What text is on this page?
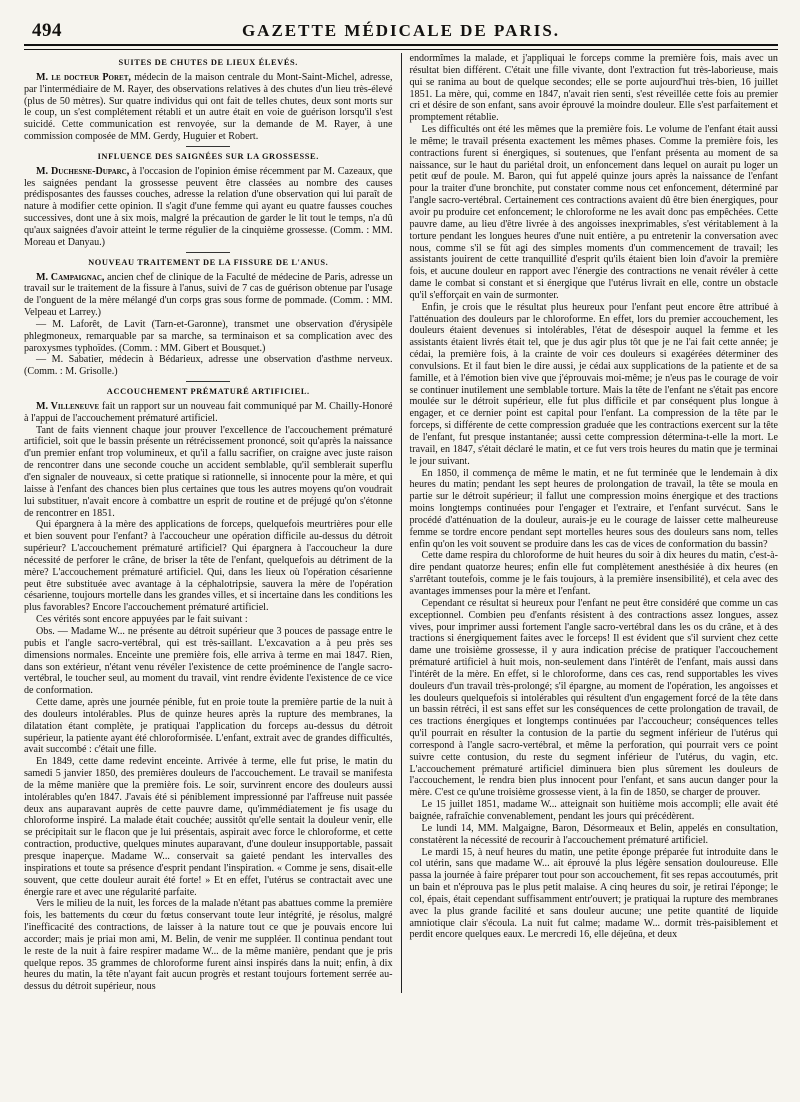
494	GAZETTE MÉDICALE DE PARIS.
SUITES DE CHUTES DE LIEUX ÉLEVÉS.

M. le docteur Poret, médecin de la maison centrale du Mont-Saint-Michel, adresse, par l'intermédiaire de M. Rayer, des observations relatives à des chutes d'un lieu très-élevé (plus de 50 mètres). Sur quatre individus qui ont fait de telles chutes, deux sont morts sur le coup, un s'est complétement rétabli et un autre était en voie de guérison lorsqu'il s'est suicidé. Cette communication est renvoyée, sur la demande de M. Rayer, à une commission composée de MM. Gerdy, Huguier et Robert.

INFLUENCE DES SAIGNÉES SUR LA GROSSESSE.

M. Duchesne-Duparc, à l'occasion de l'opinion émise récemment par M. Cazeaux, que les saignées pendant la grossesse peuvent être classées au nombre des causes prédisposantes des fausses couches, adresse la relation d'une observation qui lui paraît de nature à modifier cette opinion. Il s'agit d'une femme qui ayant eu quatre fausses couches successives, dont une à six mois, malgré la précaution de garder le lit tout le temps, n'a dû qu'aux saignées d'avoir atteint le terme régulier de la cinquième grossesse. (Comm. : MM. Moreau et Danyau.)

NOUVEAU TRAITEMENT DE LA FISSURE DE L'ANUS.

M. Campaignac, ancien chef de clinique de la Faculté de médecine de Paris, adresse un travail sur le traitement de la fissure à l'anus, suivi de 7 cas de guérison obtenue par l'usage de l'onguent de la mère mélangé d'un corps gras sous forme de pommade. (Comm. : MM. Velpeau et Larrey.)

— M. Laforêt, de Lavit (Tarn-et-Garonne), transmet une observation d'érysipèle phlegmoneux, remarquable par sa marche, sa terminaison et sa complication avec des paroxysmes typhoïdes. (Comm. : MM. Gibert et Bousquet.)

— M. Sabatier, médecin à Bédarieux, adresse une observation d'asthme nerveux. (Comm. : M. Grisolle.)

ACCOUCHEMENT PRÉMATURÉ ARTIFICIEL.

M. Villeneuve fait un rapport sur un nouveau fait communiqué par M. Chailly-Honoré à l'appui de l'accouchement prématuré artificiel.

Tant de faits viennent chaque jour prouver l'excellence de l'accouchement prématuré artificiel, soit que le bassin présente un rétrécissement prononcé, soit qu'après la naissance d'un premier enfant trop volumineux, et qu'il a fallu sacrifier, on craigne avec juste raison de rencontrer dans une seconde couche un accident semblable, qu'il semblerait superflu d'en signaler de nouveaux, si cette pratique si rationnelle, si innocente pour la mère, et qui laisse à l'enfant des chances bien plus certaines que tous les autres moyens qu'on voudrait lui substituer, n'avait encore à combattre un esprit de routine et de préjugé qu'on s'étonne de rencontrer en 1851.

Qui épargnera à la mère des applications de forceps, quelquefois meurtrières pour elle et bien souvent pour l'enfant? à l'accoucheur une opération difficile au-dessus du détroit supérieur? L'accouchement prématuré artificiel? Qui épargnera à l'accoucheur la dure nécessité de perforer le crâne, de briser la tête de l'enfant, quelquefois au détriment de la mère? L'accouchement prématuré artificiel. Qui, dans les lieux où l'opération césarienne peut être substituée avec avantage à la céphalotripsie, sauvera la mère de l'opération césarienne, toujours mortelle dans les grandes villes, et si incertaine dans les conditions les plus favorables? Encore l'accouchement prématuré artificiel.

Ces vérités sont encore appuyées par le fait suivant :

Obs. — Madame W... ne présente au détroit supérieur que 3 pouces de passage entre le pubis et l'angle sacro-vertébral, qui est très-saillant. L'excavation a à peu près ses dimensions normales. Enceinte une première fois, elle arriva à terme en mai 1847. Rien, dans son extérieur, n'étant venu révéler l'existence de cette proéminence de l'angle sacro-vertébral, le toucher seul, au moment du travail, vint rendre évidente l'existence de ce vice de conformation.

Cette dame, après une journée pénible, fut en proie toute la première partie de la nuit à des douleurs intolérables. Plus de quinze heures après la rupture des membranes, la dilatation étant complète, je pratiquai l'application du forceps au-dessus du détroit supérieur, la patiente ayant été chloroformisée. L'enfant, extrait avec de grandes difficultés, avait succombé : c'était une fille.

En 1849, cette dame redevint enceinte. Arrivée à terme, elle fut prise, le matin du samedi 5 janvier 1850, des premières douleurs de l'accouchement. Le travail se manifesta de la même manière que la première fois. Le soir, survinrent encore des douleurs aussi intolérables qu'en 1847. J'avais été si péniblement impressionné par l'affreuse nuit passée deux ans auparavant auprès de cette pauvre dame, qu'immédiatement je fis usage du chloroforme inspiré. La malade était couchée; aussitôt qu'elle sentait la douleur venir, elle se précipitait sur le flacon que je lui présentais, aspirait avec force le chloroforme, et cette contraction, productive, quelques minutes auparavant, d'une douleur insupportable, passait presque inaperçue. Madame W... conservait sa gaieté pendant les intervalles des inspirations et toute sa présence d'esprit pendant l'inspiration. « Comme je sens, disait-elle souvent, que cette douleur aurait été forte! » Et en effet, l'utérus se contractait avec une énergie rare et avec une régularité parfaite.

Vers le milieu de la nuit, les forces de la malade n'étant pas abattues comme la première fois, les battements du cœur du fœtus conservant toute leur intégrité, je résolus, malgré l'inefficacité des contractions, de laisser à la nature tout ce que je pouvais encore lui accorder; mais je priai mon ami, M. Belin, de venir me suppléer. Il continua pendant tout le reste de la nuit à faire respirer madame W... de la même manière, pendant que je pris quelque repos. 35 grammes de chloroforme furent ainsi inspirés dans la nuit; enfin, à dix heures du matin, la tête n'ayant fait aucun progrès et restant toujours fortement serrée au-dessus du détroit supérieur, nous

endormîmes la malade, et j'appliquai le forceps comme la première fois, mais avec un résultat bien différent. C'était une fille vivante, dont l'extraction fut très-laborieuse, mais qui se ranima au bout de quelque secondes; elle se porte aujourd'hui très-bien, 16 juillet 1851. La mère, qui, comme en 1847, n'avait rien senti, s'est réveillée cette fois au premier cri et désire de son enfant, sans avoir éprouvé la moindre douleur. Elle s'est parfaitement et promptement rétablie.

Les difficultés ont été les mêmes que la première fois. Le volume de l'enfant était aussi le même; le travail présenta exactement les mêmes phases. Comme la première fois, les contractions furent si énergiques, si soutenues, que l'enfant présenta au moment de sa naissance, sur le haut du pariétal droit, un enfoncement dans lequel on aurait pu loger un petit œuf de poule. M. Baron, qui fut appelé quinze jours après la naissance de l'enfant pour la traiter d'une bronchite, put constater comme nous cet enfoncement, déterminé par l'angle sacro-vertébral. Certainement ces contractions avaient dû être bien énergiques, pour avoir pu produire cet enfoncement; le chloroforme ne les avait donc pas empêchées. Cette pauvre dame, au lieu d'être livrée à des angoisses inexprimables, s'est véritablement à la torture pendant les longues heures d'une nuit entière, a pu entretenir la conversation avec nous, comme s'il se fût agi des simples moments d'un commencement de travail; les assistants jouirent de cette tranquillité d'esprit qu'ils étaient bien loin d'avoir la première fois, et aucune douleur en rapport avec l'énergie des contractions ne venait révéler à cette dame le combat si constant et si énergique que l'utérus livrait en elle, contre un obstacle qu'il s'efforçait en vain de surmonter.

Enfin, je crois que le résultat plus heureux pour l'enfant peut encore être attribué à l'atténuation des douleurs par le chloroforme. En effet, lors du premier accouchement, les douleurs étaient devenues si intolérables, l'état de désespoir auquel la femme et les assistants étaient livrés était tel, que je dus agir plus tôt que je ne l'ai fait cette année; je cédai, la première fois, à la crainte de voir ces douleurs si exagérées déterminer des convulsions. Et il faut bien le dire aussi, je cédai aux supplications de la patiente et de sa famille, et à l'émotion bien vive que j'éprouvais moi-même; je n'eus pas le courage de voir se continuer inutilement une semblable torture. Mais la tête de l'enfant ne s'était pas encore moulée sur le détroit supérieur, elle fut plus difficile et par conséquent plus longue à engager, et ce dernier point est capital pour l'enfant. La compression de la tête par le forceps, si différente de cette compression graduée que les contractions exercent sur la tête de l'enfant, fut presque instantanée; aussi cette compression détermina-t-elle la mort. Le travail, en 1847, s'était déclaré le matin, et ce fut vers trois heures du matin que je terminai le jour suivant.

En 1850, il commença de même le matin, et ne fut terminée que le lendemain à dix heures du matin; pendant les sept heures de prolongation de travail, la tête se moula en partie sur le détroit supérieur; il fallut une compression moins énergique et des tractions moins longtemps continuées pour l'engager et l'extraire, et l'enfant survécut. Sans le procédé d'atténuation de la douleur, aurais-je eu le courage de laisser cette malheureuse femme se tordre encore pendant sept mortelles heures sous des douleurs sans nom, telles enfin qu'on les voit souvent se produire dans les cas de vices de conformation du bassin?

Cette dame respira du chloroforme de huit heures du soir à dix heures du matin, c'est-à-dire pendant quatorze heures; enfin elle fut complètement anesthésiée à dix heures (en s'arrêtant toutefois, comme je le fais toujours, à la première insensibilité), et cela avec des avantages immenses pour la mère et l'enfant.

Cependant ce résultat si heureux pour l'enfant ne peut être considéré que comme un cas exceptionnel. Combien peu d'enfants résistent à des contractions assez longues, assez vives, pour imprimer aussi fortement l'angle sacro-vertébral dans les os du crâne, et à des tractions si énergiquement faites avec le forceps! Il est évident que s'il survient chez cette dame une troisième grossesse, il y aura indication précise de pratiquer l'accouchement prématuré artificiel à huit mois, non-seulement dans l'intérêt de l'enfant, mais aussi dans l'intérêt de la mère. En effet, si le chloroforme, dans ces cas, rend supportables les vives douleurs d'un travail très-prolongé; s'il épargne, au moment de l'opération, les angoisses et les douleurs quelquefois si intolérables qui résultent d'un engagement forcé de la tête dans un bassin rétréci, il est sans effet sur les conséquences de cette prolongation de travail, de ces tractions énergiques et longtemps continuées par l'accoucheur; conséquences telles qu'il pourrait en résulter la contusion de la partie du segment inférieur de l'utérus qui correspond à l'angle sacro-vertébral, et même la perforation, qui pourrait vers ce point suivre cette contusion, du reste du segment inférieur de l'utérus, du vagin, etc. L'accouchement prématuré artificiel diminuera bien plus sûrement les douleurs de l'accouchement, le rendra bien plus innocent pour l'enfant, et sans aucun danger pour la mère. C'est ce qu'une troisième grossesse vient, à la fin de 1850, se charger de prouver.

Le 15 juillet 1851, madame W... atteignait son huitième mois accompli; elle avait été baignée, rafraîchie convenablement, pendant les jours qui précédèrent.

Le lundi 14, MM. Malgaigne, Baron, Désormeaux et Belin, appelés en consultation, constatèrent la nécessité de recourir à l'accouchement prématuré artificiel.

Le mardi 15, à neuf heures du matin, une petite éponge préparée fut introduite dans le col utérin, sans que madame W... ait éprouvé la plus légère sensation douloureuse. Elle passa la journée à faire préparer tout pour son accouchement, fit ses repas accoutumés, prit un bain et n'éprouva pas le plus petit malaise. A cinq heures du soir, je retirai l'éponge; le col, épais, était cependant suffisamment entr'ouvert; je pratiquai la rupture des membranes avec la plus grande facilité et sans douleur aucune; une petite quantité de liquide amniotique clair s'écoula. La nuit fut calme; madame W... dormit très-paisiblement et perdit encore quelques eaux. Le mercredi 16, elle déjeûna, et deux
